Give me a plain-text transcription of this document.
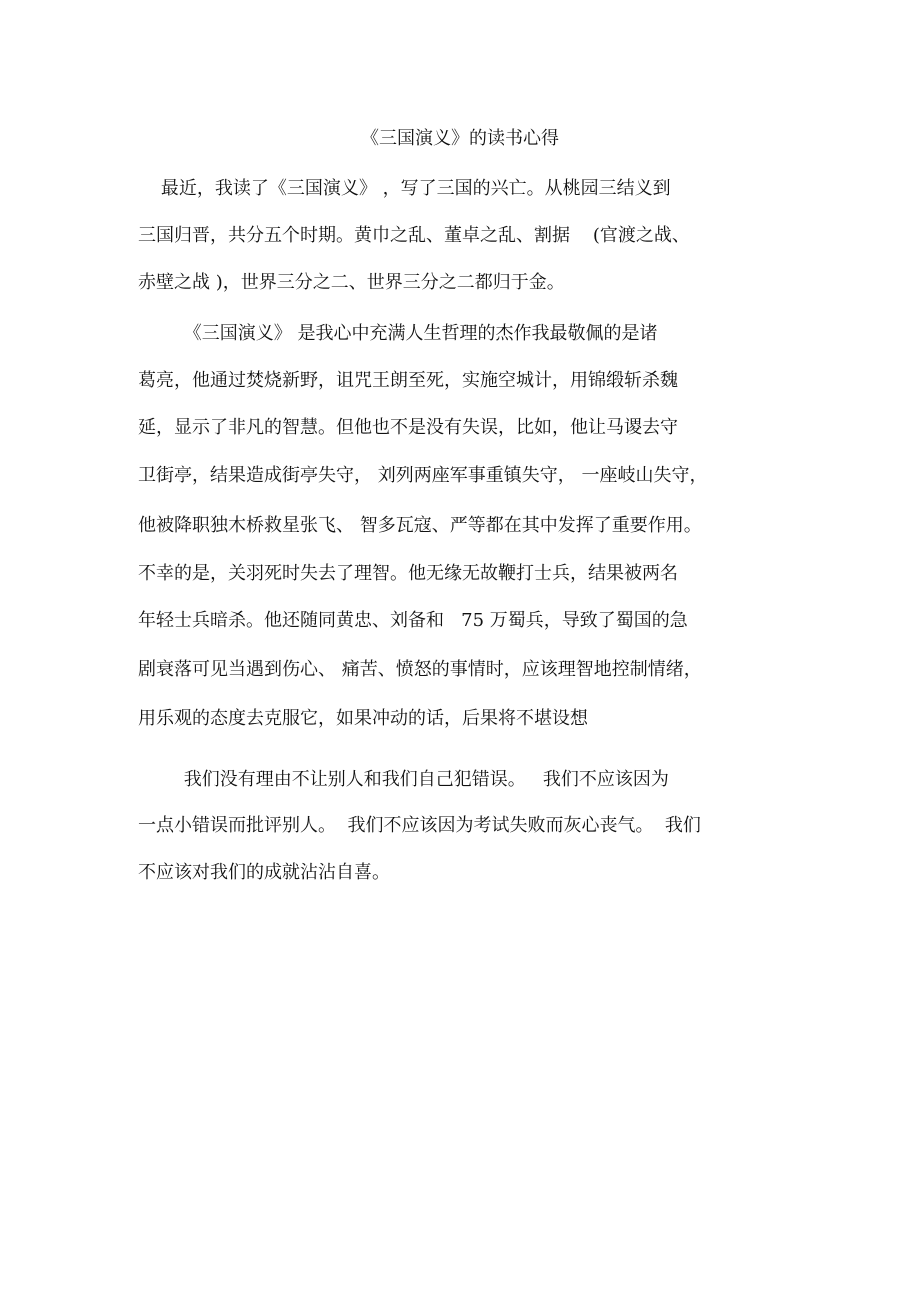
《三国演义》的读书心得
最近，我读了《三国演义》 ，写了三国的兴亡。从桃园三结义到
三国归晋，共分五个时期。黄巾之乱、董卓之乱、割据    (官渡之战、
赤壁之战 )，世界三分之二、世界三分之二都归于金。
《三国演义》 是我心中充满人生哲理的杰作我最敬佩的是诸
葛亮，他通过焚烧新野，诅咒王朗至死，实施空城计，用锦缎斩杀魏
延，显示了非凡的智慧。但他也不是没有失误，比如，他让马谡去守
卫街亭，结果造成街亭失守， 刘列两座军事重镇失守， 一座岐山失守，
他被降职独木桥救星张飞、 智多瓦寇、严等都在其中发挥了重要作用。
不幸的是，关羽死时失去了理智。他无缘无故鞭打士兵，结果被两名
年轻士兵暗杀。他还随同黄忠、刘备和   75 万蜀兵，导致了蜀国的急
剧衰落可见当遇到伤心、 痛苦、愤怒的事情时，应该理智地控制情绪，
用乐观的态度去克服它，如果冲动的话，后果将不堪设想
我们没有理由不让别人和我们自己犯错误。   我们不应该因为
一点小错误而批评别人。  我们不应该因为考试失败而灰心丧气。  我们
不应该对我们的成就沾沾自喜。
